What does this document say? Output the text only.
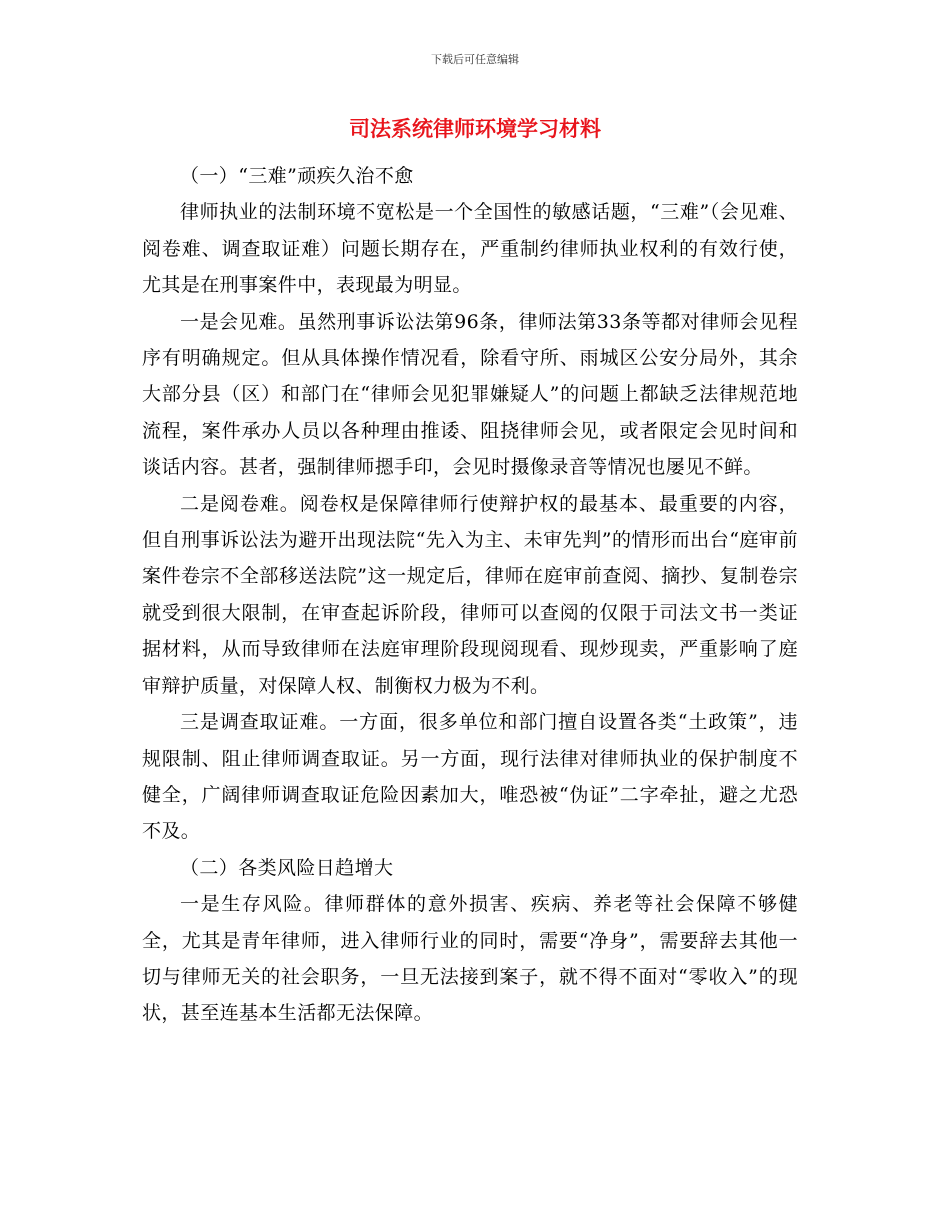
下载后可任意编辑
司法系统律师环境学习材料

（一）“三难”顽疾久治不愈

律师执业的法制环境不宽松是一个全国性的敏感话题，“三难”（会见难、阅卷难、调查取证难）问题长期存在，严重制约律师执业权利的有效行使，尤其是在刑事案件中，表现最为明显。

一是会见难。虽然刑事诉讼法第96条，律师法第33条等都对律师会见程序有明确规定。但从具体操作情况看，除看守所、雨城区公安分局外，其余大部分县（区）和部门在“律师会见犯罪嫌疑人”的问题上都缺乏法律规范地流程，案件承办人员以各种理由推诿、阻挠律师会见，或者限定会见时间和谈话内容。甚者，强制律师摁手印，会见时摄像录音等情况也屡见不鲜。

二是阅卷难。阅卷权是保障律师行使辩护权的最基本、最重要的内容，但自刑事诉讼法为避开出现法院“先入为主、未审先判”的情形而出台“庭审前案件卷宗不全部移送法院”这一规定后，律师在庭审前查阅、摘抄、复制卷宗就受到很大限制，在审查起诉阶段，律师可以查阅的仅限于司法文书一类证据材料，从而导致律师在法庭审理阶段现阅现看、现炒现卖，严重影响了庭审辩护质量，对保障人权、制衡权力极为不利。

三是调查取证难。一方面，很多单位和部门擅自设置各类“土政策”，违规限制、阻止律师调查取证。另一方面，现行法律对律师执业的保护制度不健全，广阔律师调查取证危险因素加大，唯恐被“伪证”二字牵扯，避之尤恐不及。

（二）各类风险日趋增大

一是生存风险。律师群体的意外损害、疾病、养老等社会保障不够健全，尤其是青年律师，进入律师行业的同时，需要“净身”，需要辞去其他一切与律师无关的社会职务，一旦无法接到案子，就不得不面对“零收入”的现状，甚至连基本生活都无法保障。
